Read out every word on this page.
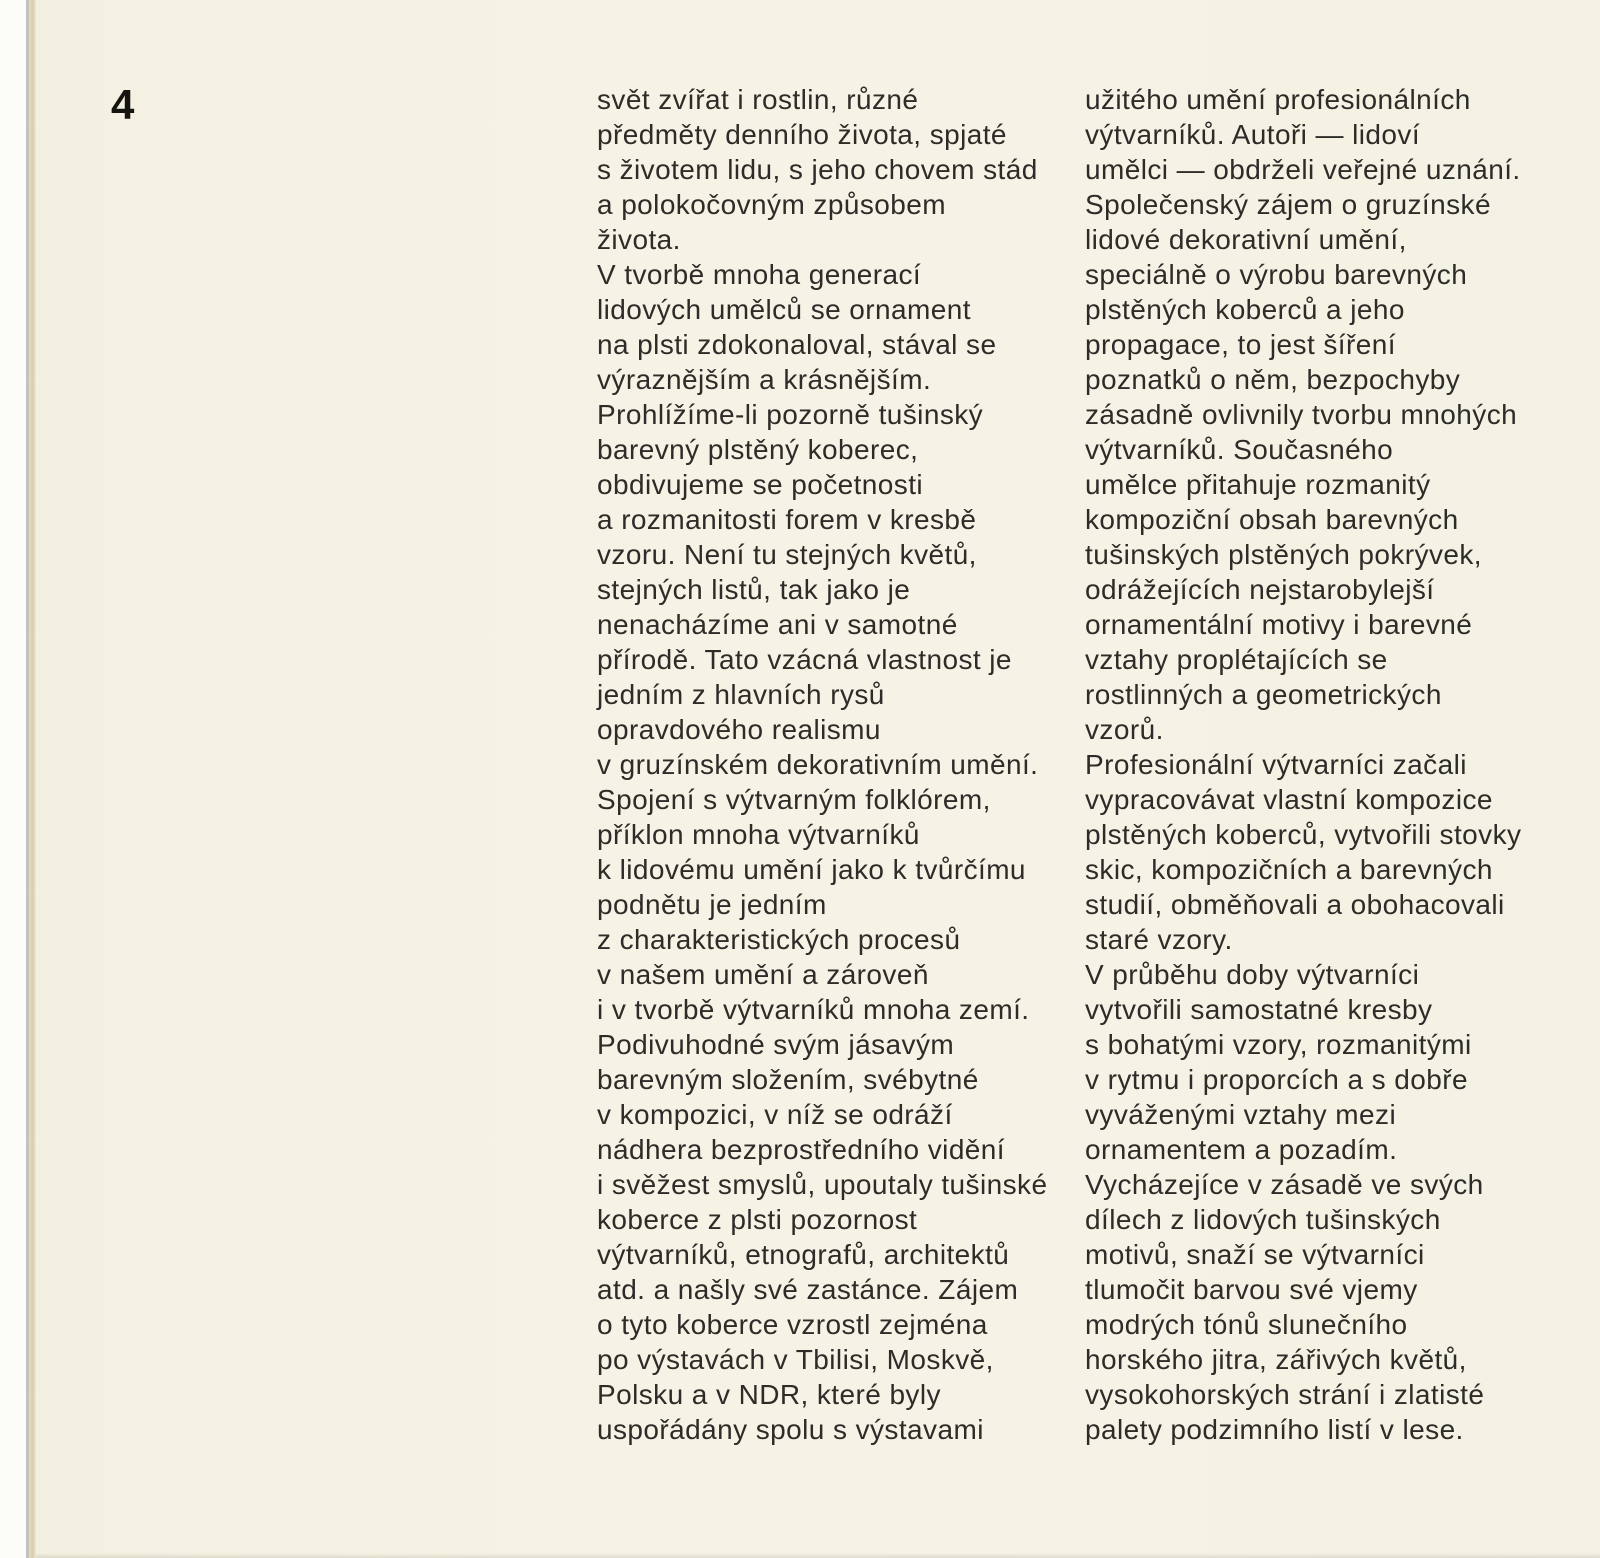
4	svět zvířat i rostlin, různé
předměty denního života, spjaté
s životem lidu, s jeho chovem stád
a polokočovným způsobem
života.
V tvorbě mnoha generací
lidových umělců se ornament
na plsti zdokonaloval, stával se
výraznějším a krásnějším.
Prohlížíme-li pozorně tušinský
barevný plstěný koberec,
obdivujeme se početnosti
a rozmanitosti forem v kresbě
vzoru. Není tu stejných květů,
stejných listů, tak jako je
nenacházíme ani v samotné
přírodě. Tato vzácná vlastnost je
jedním z hlavních rysů
opravdového realismu
v gruzínském dekorativním umění.
Spojení s výtvarným folklórem,
příklon mnoha výtvarníků
k lidovému umění jako k tvůrčímu
podnětu je jedním
z charakteristických procesů
v našem umění a zároveň
i v tvorbě výtvarníků mnoha zemí.
Podivuhodné svým jásavým
barevným složením, svébytné
v kompozici, v níž se odráží
nádhera bezprostředního vidění
i svěžest smyslů, upoutaly tušinské
koberce z plsti pozornost
výtvarníků, etnografů, architektů
atd. a našly své zastánce. Zájem
o tyto koberce vzrostl zejména
po výstavách v Tbilisi, Moskvě,
Polsku a v NDR, které byly
uspořádány spolu s výstavami
užitého umění profesionálních
výtvarníků. Autoři — lidoví
umělci — obdrželi veřejné uznání.
Společenský zájem o gruzínské
lidové dekorativní umění,
speciálně o výrobu barevných
plstěných koberců a jeho
propagace, to jest šíření
poznatků o něm, bezpochyby
zásadně ovlivnily tvorbu mnohých
výtvarníků. Současného
umělce přitahuje rozmanitý
kompoziční obsah barevných
tušinských plstěných pokrývek,
odrážejících nejstarobylejší
ornamentální motivy i barevné
vztahy proplétajících se
rostlinných a geometrických
vzorů.
Profesionální výtvarníci začali
vypracovávat vlastní kompozice
plstěných koberců, vytvořili stovky
skic, kompozičních a barevných
studií, obměňovali a obohacovali
staré vzory.
V průběhu doby výtvarníci
vytvořili samostatné kresby
s bohatými vzory, rozmanitými
v rytmu i proporcích a s dobře
vyváženými vztahy mezi
ornamentem a pozadím.
Vycházejíce v zásadě ve svých
dílech z lidových tušinských
motivů, snaží se výtvarníci
tlumočit barvou své vjemy
modrých tónů slunečního
horského jitra, zářivých květů,
vysokohorských strání i zlatisté
palety podzimního listí v lese.
